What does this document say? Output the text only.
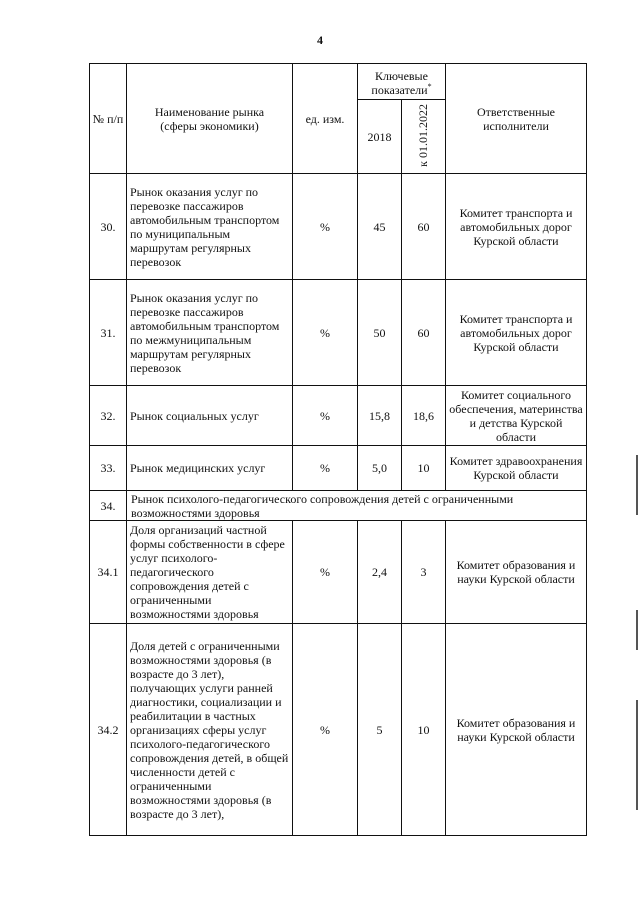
4
№ п/п	Наименование рынка (сферы экономики)	ед. изм.	Ключевые показатели*		Ответственные исполнители
			2018	к 01.01.2022	
30.	Рынок оказания услуг по перевозке пассажиров автомобильным транспортом по муниципальным маршрутам регулярных перевозок	%	45	60	Комитет транспорта и автомобильных дорог Курской области
31.	Рынок оказания услуг по перевозке пассажиров автомобильным транспортом по межмуниципальным маршрутам регулярных перевозок	%	50	60	Комитет транспорта и автомобильных дорог Курской области
32.	Рынок социальных услуг	%	15,8	18,6	Комитет социального обеспечения, материнства и детства Курской области
33.	Рынок медицинских услуг	%	5,0	10	Комитет здравоохранения Курской области
34.	Рынок психолого-педагогического сопровождения детей с ограниченными возможностями здоровья				
34.1	Доля организаций частной формы собственности в сфере услуг психолого-педагогического сопровождения детей с ограниченными возможностями здоровья	%	2,4	3	Комитет образования и науки Курской области
34.2	Доля детей с ограниченными возможностями здоровья (в возрасте до 3 лет), получающих услуги ранней диагностики, социализации и реабилитации в частных организациях сферы услуг психолого-педагогического сопровождения детей, в общей численности детей с ограниченными возможностями здоровья (в возрасте до 3 лет),	%	5	10	Комитет образования и науки Курской области
